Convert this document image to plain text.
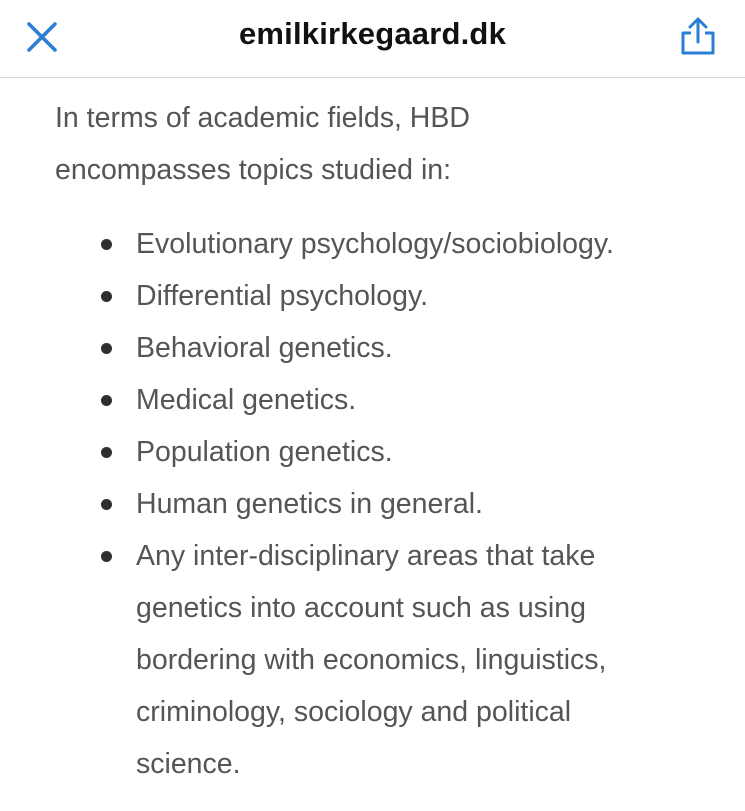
emilkirkegaard.dk

In terms of academic fields, HBD encompasses topics studied in:

Evolutionary psychology/sociobiology.
Differential psychology.
Behavioral genetics.
Medical genetics.
Population genetics.
Human genetics in general.
Any inter-disciplinary areas that take genetics into account such as using bordering with economics, linguistics, criminology, sociology and political science.
